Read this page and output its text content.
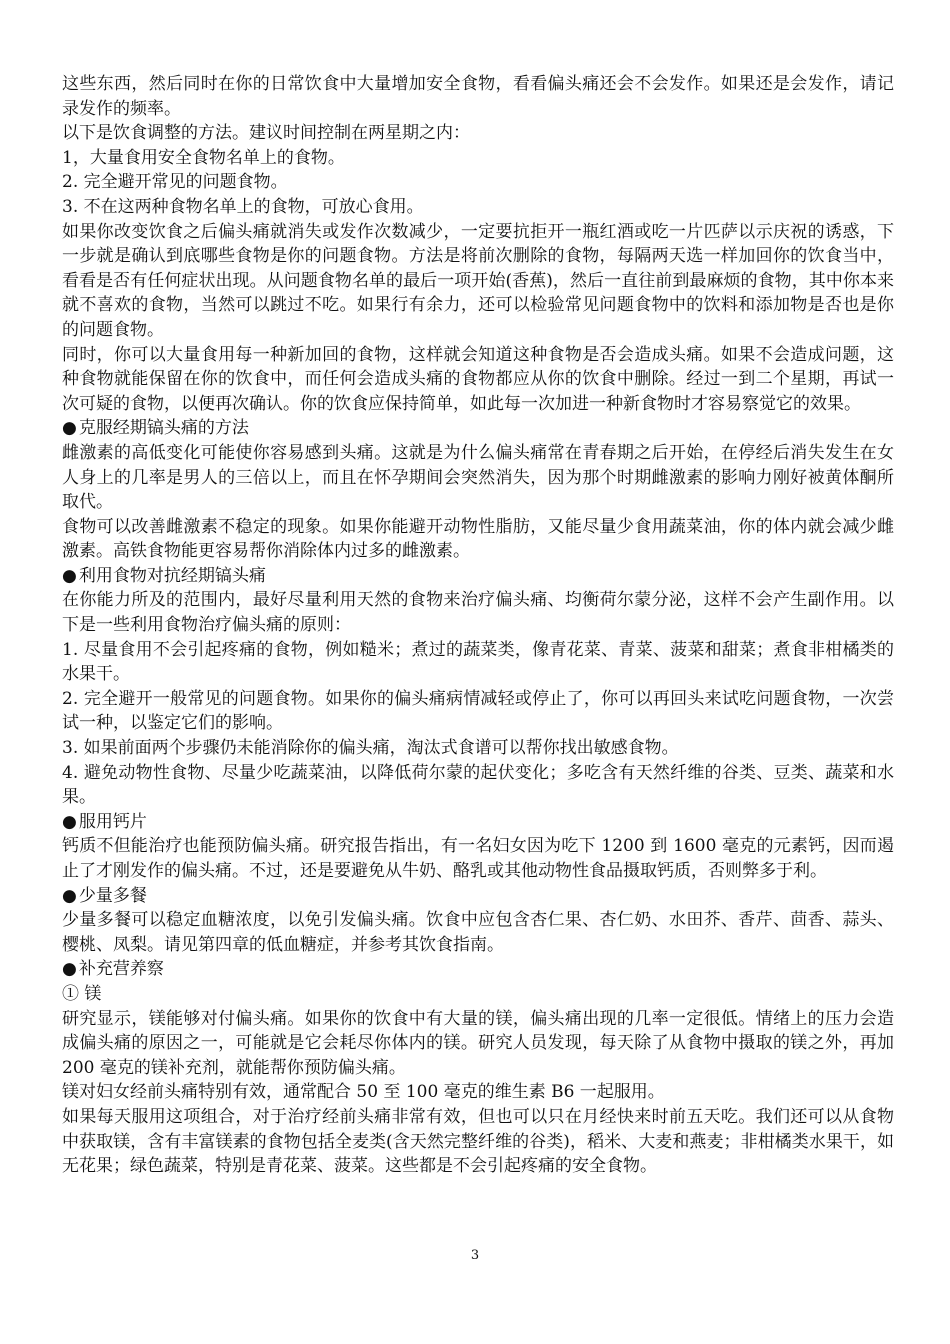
这些东西，然后同时在你的日常饮食中大量增加安全食物，看看偏头痛还会不会发作。如果还是会发作，请记录发作的频率。

以下是饮食调整的方法。建议时间控制在两星期之内：

1，大量食用安全食物名单上的食物。

2. 完全避开常见的问题食物。

3. 不在这两种食物名单上的食物，可放心食用。

如果你改变饮食之后偏头痛就消失或发作次数减少，一定要抗拒开一瓶红酒或吃一片匹萨以示庆祝的诱惑，下一步就是确认到底哪些食物是你的问题食物。方法是将前次删除的食物，每隔两天选一样加回你的饮食当中，看看是否有任何症状出现。从问题食物名单的最后一项开始(香蕉)，然后一直往前到最麻烦的食物，其中你本来就不喜欢的食物，当然可以跳过不吃。如果行有余力，还可以检验常见问题食物中的饮料和添加物是否也是你的问题食物。

同时，你可以大量食用每一种新加回的食物，这样就会知道这种食物是否会造成头痛。如果不会造成问题，这种食物就能保留在你的饮食中，而任何会造成头痛的食物都应从你的饮食中删除。经过一到二个星期，再试一次可疑的食物，以便再次确认。你的饮食应保持简单，如此每一次加进一种新食物时才容易察觉它的效果。

● 克服经期镐头痛的方法

雌激素的高低变化可能使你容易感到头痛。这就是为什么偏头痛常在青春期之后开始，在停经后消失发生在女人身上的几率是男人的三倍以上，而且在怀孕期间会突然消失，因为那个时期雌激素的影响力刚好被黄体酮所取代。

食物可以改善雌激素不稳定的现象。如果你能避开动物性脂肪，又能尽量少食用蔬菜油，你的体内就会减少雌激素。高铁食物能更容易帮你消除体内过多的雌激素。

● 利用食物对抗经期镐头痛

在你能力所及的范围内，最好尽量利用天然的食物来治疗偏头痛、均衡荷尔蒙分泌，这样不会产生副作用。以下是一些利用食物治疗偏头痛的原则：

1. 尽量食用不会引起疼痛的食物，例如糙米；煮过的蔬菜类，像青花菜、青菜、菠菜和甜菜；煮食非柑橘类的水果干。

2. 完全避开一般常见的问题食物。如果你的偏头痛病情减轻或停止了，你可以再回头来试吃问题食物，一次尝试一种，以鉴定它们的影响。

3. 如果前面两个步骤仍未能消除你的偏头痛，淘汰式食谱可以帮你找出敏感食物。

4. 避免动物性食物、尽量少吃蔬菜油，以降低荷尔蒙的起伏变化；多吃含有天然纤维的谷类、豆类、蔬菜和水果。

● 服用钙片

钙质不但能治疗也能预防偏头痛。研究报告指出，有一名妇女因为吃下 1200 到 1600 毫克的元素钙，因而遏止了才刚发作的偏头痛。不过，还是要避免从牛奶、酪乳或其他动物性食品摄取钙质，否则弊多于利。

● 少量多餐

少量多餐可以稳定血糖浓度，以免引发偏头痛。饮食中应包含杏仁果、杏仁奶、水田芥、香芹、茴香、蒜头、樱桃、凤梨。请见第四章的低血糖症，并参考其饮食指南。

● 补充营养察

① 镁

研究显示，镁能够对付偏头痛。如果你的饮食中有大量的镁，偏头痛出现的几率一定很低。情绪上的压力会造成偏头痛的原因之一，可能就是它会耗尽你体内的镁。研究人员发现，每天除了从食物中摄取的镁之外，再加 200 毫克的镁补充剂，就能帮你预防偏头痛。

镁对妇女经前头痛特别有效，通常配合 50 至 100 毫克的维生素 B6 一起服用。

如果每天服用这项组合，对于治疗经前头痛非常有效，但也可以只在月经快来时前五天吃。我们还可以从食物中获取镁，含有丰富镁素的食物包括全麦类(含天然完整纤维的谷类)，稻米、大麦和燕麦；非柑橘类水果干，如无花果；绿色蔬菜，特别是青花菜、菠菜。这些都是不会引起疼痛的安全食物。

3
